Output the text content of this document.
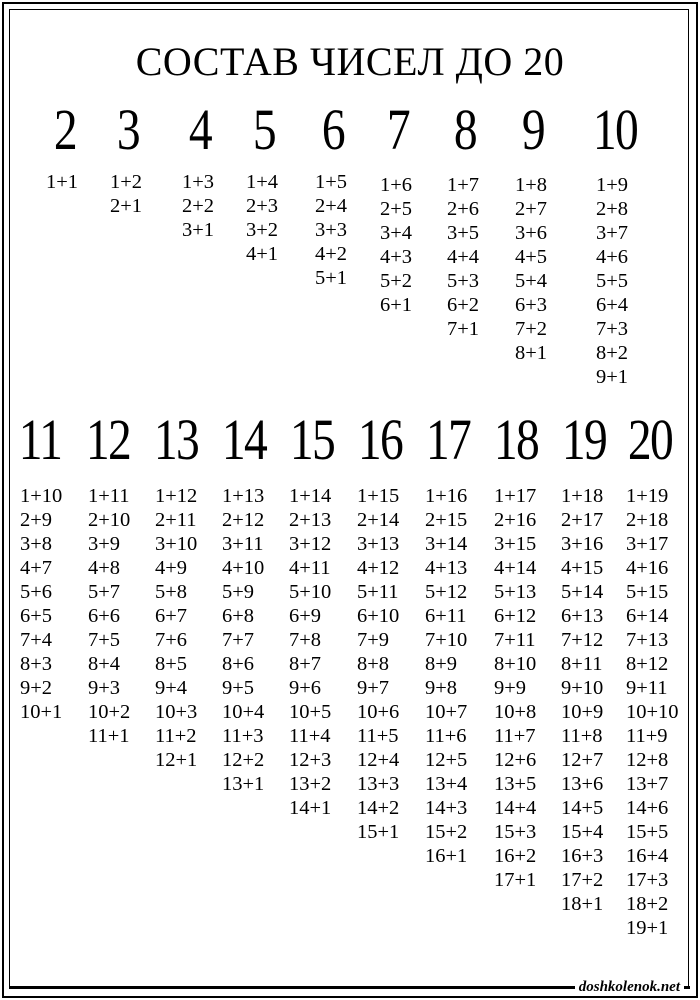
СОСТАВ ЧИСЕЛ ДО 20
2
1+1
3
1+2
2+1
4
1+3
2+2
3+1
5
1+4
2+3
3+2
4+1
6
1+5
2+4
3+3
4+2
5+1
7
1+6
2+5
3+4
4+3
5+2
6+1
8
1+7
2+6
3+5
4+4
5+3
6+2
7+1
9
1+8
2+7
3+6
4+5
5+4
6+3
7+2
8+1
10
1+9
2+8
3+7
4+6
5+5
6+4
7+3
8+2
9+1
11
1+10
2+9
3+8
4+7
5+6
6+5
7+4
8+3
9+2
10+1
12
1+11
2+10
3+9
4+8
5+7
6+6
7+5
8+4
9+3
10+2
11+1
13
1+12
2+11
3+10
4+9
5+8
6+7
7+6
8+5
9+4
10+3
11+2
12+1
14
1+13
2+12
3+11
4+10
5+9
6+8
7+7
8+6
9+5
10+4
11+3
12+2
13+1
15
1+14
2+13
3+12
4+11
5+10
6+9
7+8
8+7
9+6
10+5
11+4
12+3
13+2
14+1
16
1+15
2+14
3+13
4+12
5+11
6+10
7+9
8+8
9+7
10+6
11+5
12+4
13+3
14+2
15+1
17
1+16
2+15
3+14
4+13
5+12
6+11
7+10
8+9
9+8
10+7
11+6
12+5
13+4
14+3
15+2
16+1
18
1+17
2+16
3+15
4+14
5+13
6+12
7+11
8+10
9+9
10+8
11+7
12+6
13+5
14+4
15+3
16+2
17+1
19
1+18
2+17
3+16
4+15
5+14
6+13
7+12
8+11
9+10
10+9
11+8
12+7
13+6
14+5
15+4
16+3
17+2
18+1
20
1+19
2+18
3+17
4+16
5+15
6+14
7+13
8+12
9+11
10+10
11+9
12+8
13+7
14+6
15+5
16+4
17+3
18+2
19+1
doshkolenok.net
